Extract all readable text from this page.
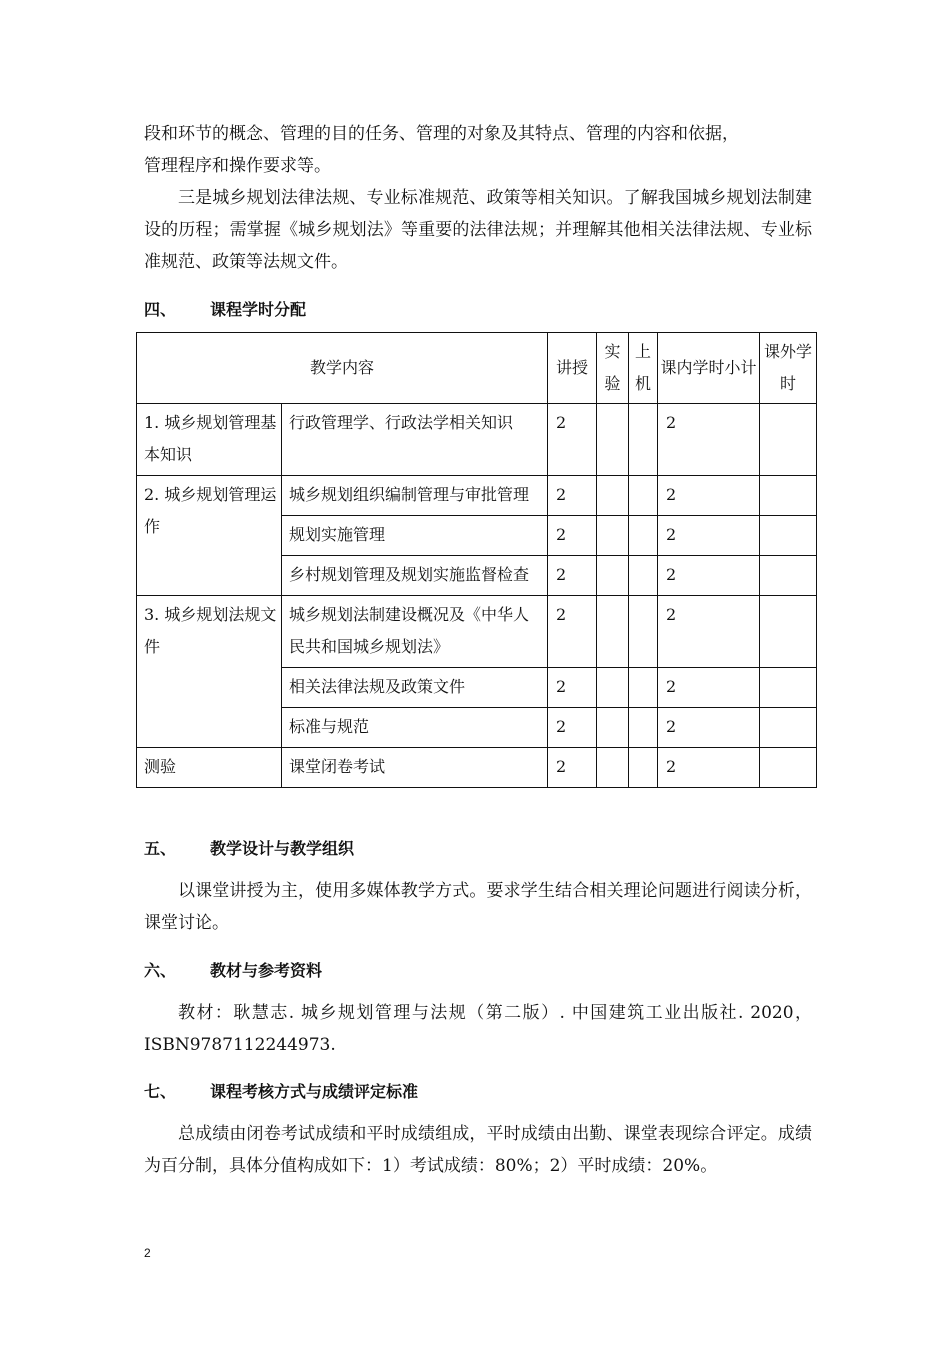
段和环节的概念、管理的目的任务、管理的对象及其特点、管理的内容和依据，

管理程序和操作要求等。

三是城乡规划法律法规、专业标准规范、政策等相关知识。了解我国城乡规划法制建设的历程；需掌握《城乡规划法》等重要的法律法规；并理解其他相关法律法规、专业标准规范、政策等法规文件。

四、 课程学时分配

教学内容		讲授	实验	上机	课内学时小计	课外学时
1. 城乡规划管理基本知识	行政管理学、行政法学相关知识	2			2	
2. 城乡规划管理运作	城乡规划组织编制管理与审批管理	2			2	
	规划实施管理	2			2	
	乡村规划管理及规划实施监督检查	2			2	
3. 城乡规划法规文件	城乡规划法制建设概况及《中华人民共和国城乡规划法》	2			2	
	相关法律法规及政策文件	2			2	
	标准与规范	2			2	
测验	课堂闭卷考试	2			2	

五、 教学设计与教学组织

以课堂讲授为主，使用多媒体教学方式。要求学生结合相关理论问题进行阅读分析，课堂讨论。

六、 教材与参考资料

教材：耿慧志. 城乡规划管理与法规（第二版）. 中国建筑工业出版社. 2020，ISBN9787112244973.

七、 课程考核方式与成绩评定标准

总成绩由闭卷考试成绩和平时成绩组成，平时成绩由出勤、课堂表现综合评定。成绩为百分制，具体分值构成如下：1）考试成绩：80%；2）平时成绩：20%。

2
